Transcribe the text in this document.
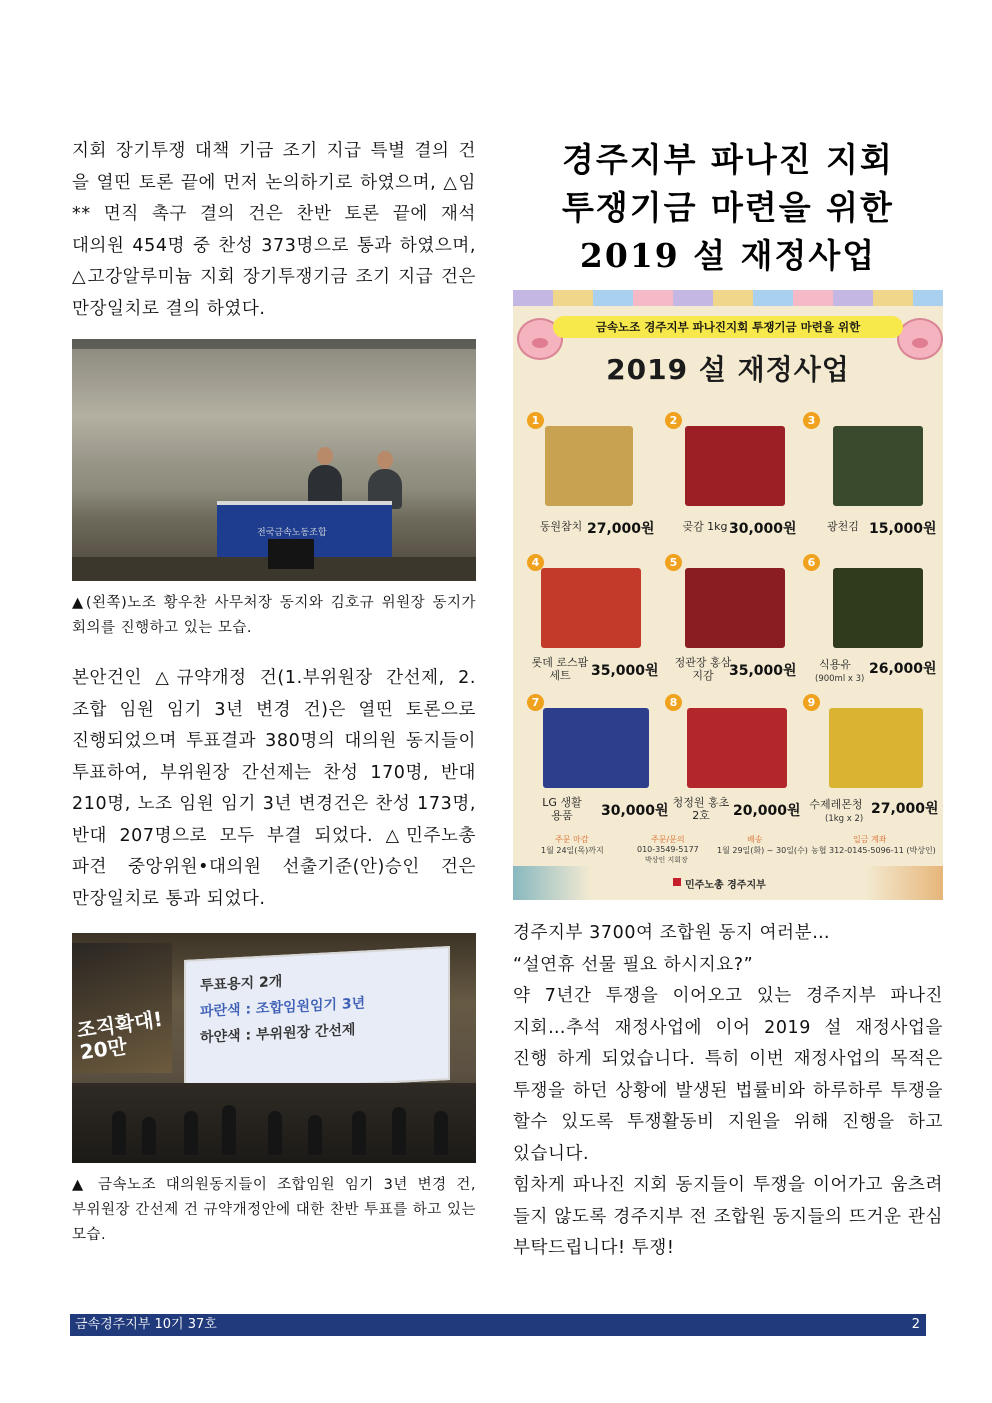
지회 장기투쟁 대책 기금 조기 지급 특별 결의 건 을 열띤 토론 끝에 먼저 논의하기로 하였으며, △임** 면직 촉구 결의 건은 찬반 토론 끝에 재석 대의원 454명 중 찬성 373명으로 통과 하였으며, △고강알루미늄 지회 장기투쟁기금 조기 지급 건은 만장일치로 결의 하였다.

전국금속노동조합

▲(왼쪽)노조 황우찬 사무처장 동지와 김호규 위원장 동지가 회의를 진행하고 있는 모습.

본안건인 △규약개정 건(1.부위원장 간선제, 2. 조합 임원 임기 3년 변경 건)은 열띤 토론으로 진행되었으며 투표결과 380명의 대의원 동지들이 투표하여, 부위원장 간선제는 찬성 170명, 반대 210명, 노조 임원 임기 3년 변경건은 찬성 173명, 반대 207명으로 모두 부결 되었다. △민주노총 파견 중앙위원•대의원 선출기준(안)승인 건은 만장일치로 통과 되었다.

조직확대! 20만
투표용지 2개
파란색 : 조합임원임기 3년
하얀색 : 부위원장 간선제

▲ 금속노조 대의원동지들이 조합임원 임기 3년 변경 건, 부위원장 간선제 건 규약개정안에 대한 찬반 투표를 하고 있는 모습.

경주지부 파나진 지회
투쟁기금 마련을 위한
2019 설 재정사업
금속노조 경주지부 파나진지회 투쟁기금 마련을 위한
2019 설 재정사업
1
동원참치 27,000원
2
곶감 1kg 30,000원
3
광천김 15,000원
4
롯데 로스팜세트	35,000원
5
정관장 홍삼지감	35,000원
6
식용유	26,000원
(900ml x 3)
7
LG 생활용품	30,000원
8
청정원 홍초2호	20,000원
9
수제레몬청 27,000원
(1kg x 2)
주문 마감
1월 24일(목)까지
주문/문의
010-3549-5177
박상인 지회장
배송
1월 29일(화) ~ 30일(수)
입금 계좌
농협 312-0145-5096-11 (박상인)
민주노총 경주지부
경주지부 3700여 조합원 동지 여러분…
“설연휴 선물 필요 하시지요?”
약 7년간 투쟁을 이어오고 있는 경주지부 파나진 지회…추석 재정사업에 이어 2019 설 재정사업을 진행 하게 되었습니다. 특히 이번 재정사업의 목적은 투쟁을 하던 상황에 발생된 법률비와 하루하루 투쟁을 할수 있도록 투쟁활동비 지원을 위해 진행을 하고 있습니다.
힘차게 파나진 지회 동지들이 투쟁을 이어가고 움츠려 들지 않도록 경주지부 전 조합원 동지들의 뜨거운 관심 부탁드립니다! 투쟁!
금속경주지부 10기 37호	2
